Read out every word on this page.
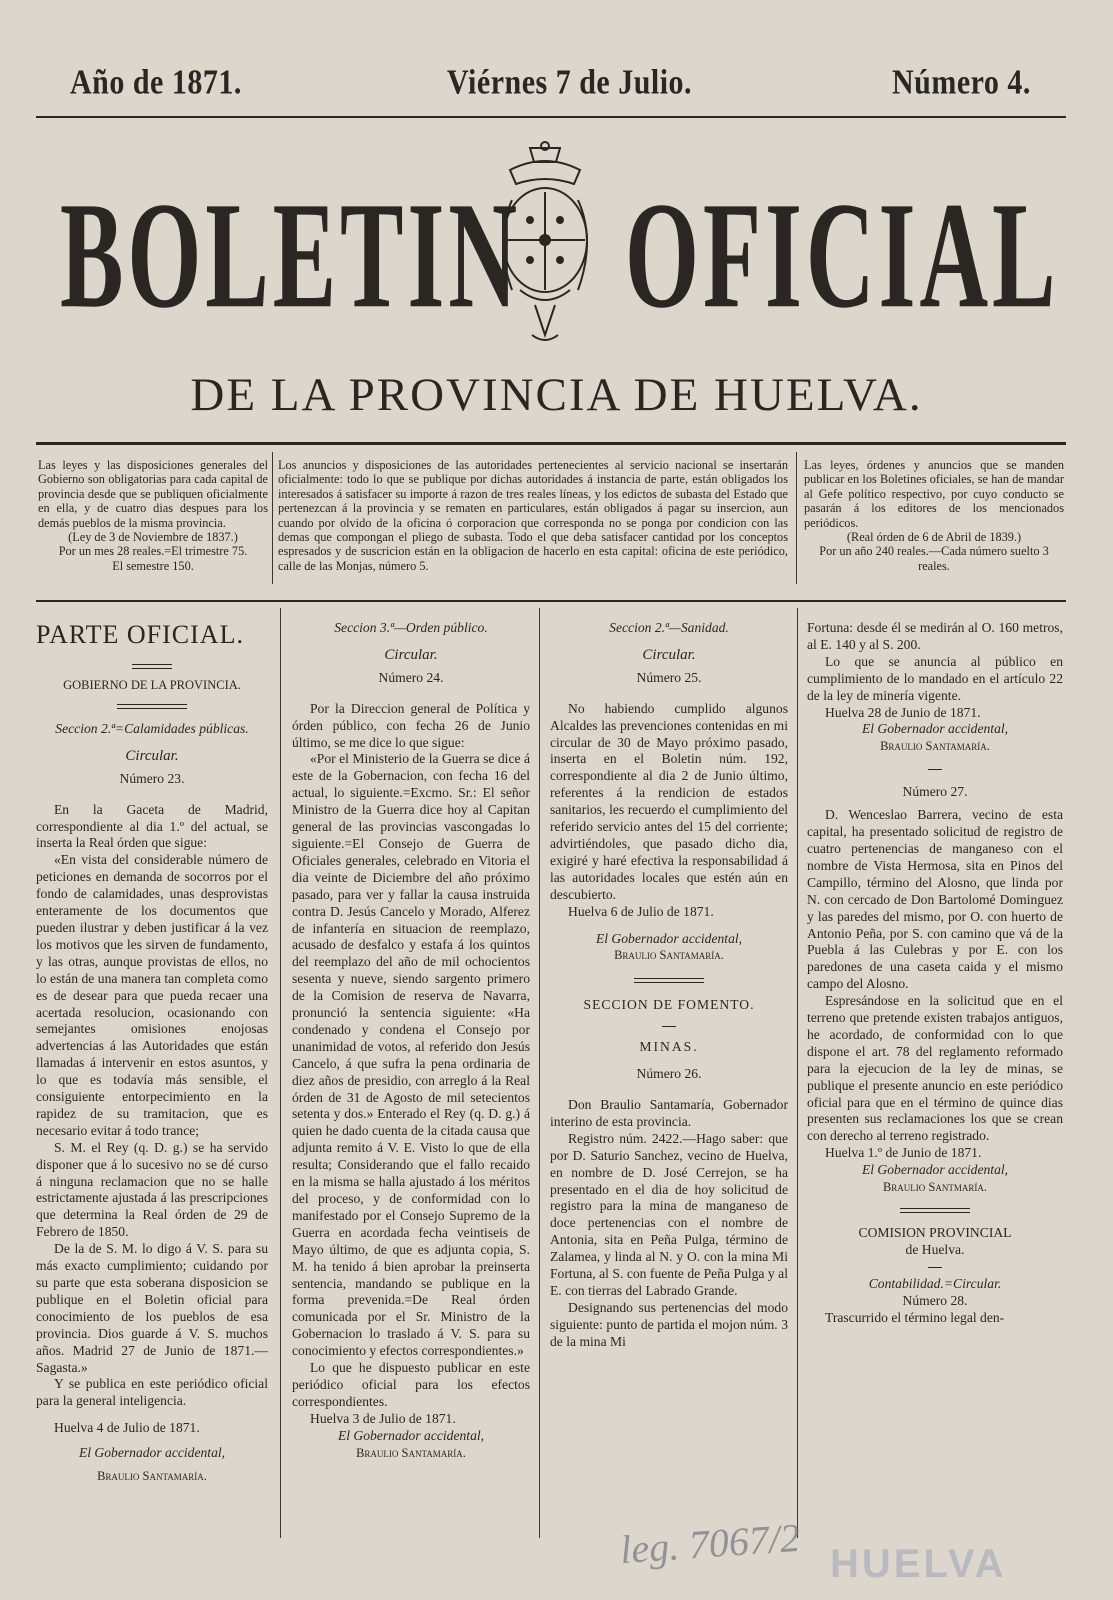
Año de 1871.	Viérnes 7 de Julio.	Número 4.
BOLETIN OFICIAL
DE LA PROVINCIA DE HUELVA.

Las leyes y las disposiciones generales del Gobierno son obligatorias para cada capital de provincia desde que se publiquen oficialmente en ella, y de cuatro dias despues para los demás pueblos de la misma provincia.

(Ley de 3 de Noviembre de 1837.)

Por un mes 28 reales.=El trimestre 75.

El semestre 150.

Los anuncios y disposiciones de las autoridades pertenecientes al servicio nacional se insertarán oficialmente: todo lo que se publique por dichas autoridades á instancia de parte, están obligados los interesados á satisfacer su importe á razon de tres reales líneas, y los edictos de subasta del Estado que pertenezcan á la provincia y se rematen en particulares, están obligados á pagar su insercion, aun cuando por olvido de la oficina ó corporacion que corresponda no se ponga por condicion con las demas que compongan el pliego de subasta. Todo el que deba satisfacer cantidad por los conceptos espresados y de suscricion están en la obligacion de hacerlo en esta capital: oficina de este periódico, calle de las Monjas, número 5.

Las leyes, órdenes y anuncios que se manden publicar en los Boletines oficiales, se han de mandar al Gefe político respectivo, por cuyo conducto se pasarán á los editores de los mencionados periódicos.

(Real órden de 6 de Abril de 1839.)

Por un año 240 reales.—Cada número suelto 3 reales.

PARTE OFICIAL.

GOBIERNO DE LA PROVINCIA.

Seccion 2.ª=Calamidades públicas.

Circular.

Número 23.

En la Gaceta de Madrid, correspondiente al dia 1.º del actual, se inserta la Real órden que sigue:

«En vista del considerable número de peticiones en demanda de socorros por el fondo de calamidades, unas desprovistas enteramente de los documentos que pueden ilustrar y deben justificar á la vez los motivos que les sirven de fundamento, y las otras, aunque provistas de ellos, no lo están de una manera tan completa como es de desear para que pueda recaer una acertada resolucion, ocasionando con semejantes omisiones enojosas advertencias á las Autoridades que están llamadas á intervenir en estos asuntos, y lo que es todavía más sensible, el consiguiente entorpecimiento en la rapidez de su tramitacion, que es necesario evitar á todo trance;

S. M. el Rey (q. D. g.) se ha servido disponer que á lo sucesivo no se dé curso á ninguna reclamacion que no se halle estrictamente ajustada á las prescripciones que determina la Real órden de 29 de Febrero de 1850.

De la de S. M. lo digo á V. S. para su más exacto cumplimiento; cuidando por su parte que esta soberana disposicion se publique en el Boletin oficial para conocimiento de los pueblos de esa provincia. Dios guarde á V. S. muchos años. Madrid 27 de Junio de 1871.—Sagasta.»

Y se publica en este periódico oficial para la general inteligencia.

Huelva 4 de Julio de 1871.

El Gobernador accidental,

Braulio Santamaría.

Seccion 3.ª—Orden público.

Circular.

Número 24.

Por la Direccion general de Política y órden público, con fecha 26 de Junio último, se me dice lo que sigue:

«Por el Ministerio de la Guerra se dice á este de la Gobernacion, con fecha 16 del actual, lo siguiente.=Excmo. Sr.: El señor Ministro de la Guerra dice hoy al Capitan general de las provincias vascongadas lo siguiente.=El Consejo de Guerra de Oficiales generales, celebrado en Vitoria el dia veinte de Diciembre del año próximo pasado, para ver y fallar la causa instruida contra D. Jesús Cancelo y Morado, Alferez de infantería en situacion de reemplazo, acusado de desfalco y estafa á los quintos del reemplazo del año de mil ochocientos sesenta y nueve, siendo sargento primero de la Comision de reserva de Navarra, pronunció la sentencia siguiente: «Ha condenado y condena el Consejo por unanimidad de votos, al referido don Jesús Cancelo, á que sufra la pena ordinaria de diez años de presidio, con arreglo á la Real órden de 31 de Agosto de mil setecientos setenta y dos.» Enterado el Rey (q. D. g.) á quien he dado cuenta de la citada causa que adjunta remito á V. E. Visto lo que de ella resulta; Considerando que el fallo recaido en la misma se halla ajustado á los méritos del proceso, y de conformidad con lo manifestado por el Consejo Supremo de la Guerra en acordada fecha veintiseis de Mayo último, de que es adjunta copia, S. M. ha tenido á bien aprobar la preinserta sentencia, mandando se publique en la forma prevenida.=De Real órden comunicada por el Sr. Ministro de la Gobernacion lo traslado á V. S. para su conocimiento y efectos correspondientes.»

Lo que he dispuesto publicar en este periódico oficial para los efectos correspondientes.

Huelva 3 de Julio de 1871.

El Gobernador accidental,

Braulio Santamaría.

Seccion 2.ª—Sanidad.

Circular.

Número 25.

No habiendo cumplido algunos Alcaldes las prevenciones contenidas en mi circular de 30 de Mayo próximo pasado, inserta en el Boletin núm. 192, correspondiente al dia 2 de Junio último, referentes á la rendicion de estados sanitarios, les recuerdo el cumplimiento del referido servicio antes del 15 del corriente; advirtiéndoles, que pasado dicho dia, exigiré y haré efectiva la responsabilidad á las autoridades locales que estén aún en descubierto.

Huelva 6 de Julio de 1871.

El Gobernador accidental,

Braulio Santamaría.

SECCION DE FOMENTO.

MINAS.

Número 26.

Don Braulio Santamaría, Gobernador interino de esta provincia.

Registro núm. 2422.—Hago saber: que por D. Saturio Sanchez, vecino de Huelva, en nombre de D. José Cerrejon, se ha presentado en el dia de hoy solicitud de registro para la mina de manganeso de doce pertenencias con el nombre de Antonia, sita en Peña Pulga, término de Zalamea, y linda al N. y O. con la mina Mi Fortuna, al S. con fuente de Peña Pulga y al E. con tierras del Labrado Grande.

Designando sus pertenencias del modo siguiente: punto de partida el mojon núm. 3 de la mina Mi

Fortuna: desde él se medirán al O. 160 metros, al E. 140 y al S. 200.

Lo que se anuncia al público en cumplimiento de lo mandado en el artículo 22 de la ley de minería vigente.

Huelva 28 de Junio de 1871.

El Gobernador accidental,

Braulio Santamaría.

Número 27.

D. Wenceslao Barrera, vecino de esta capital, ha presentado solicitud de registro de cuatro pertenencias de manganeso con el nombre de Vista Hermosa, sita en Pinos del Campillo, término del Alosno, que linda por N. con cercado de Don Bartolomé Dominguez y las paredes del mismo, por O. con huerto de Antonio Peña, por S. con camino que vá de la Puebla á las Culebras y por E. con los paredones de una caseta caida y el mismo campo del Alosno.

Espresándose en la solicitud que en el terreno que pretende existen trabajos antiguos, he acordado, de conformidad con lo que dispone el art. 78 del reglamento reformado para la ejecucion de la ley de minas, se publique el presente anuncio en este periódico oficial para que en el término de quince dias presenten sus reclamaciones los que se crean con derecho al terreno registrado.

Huelva 1.º de Junio de 1871.

El Gobernador accidental,

Braulio Santmaría.

COMISION PROVINCIAL

de Huelva.

Contabilidad.=Circular.

Número 28.

Trascurrido el término legal den-

leg. 7067/2 HUELVA
